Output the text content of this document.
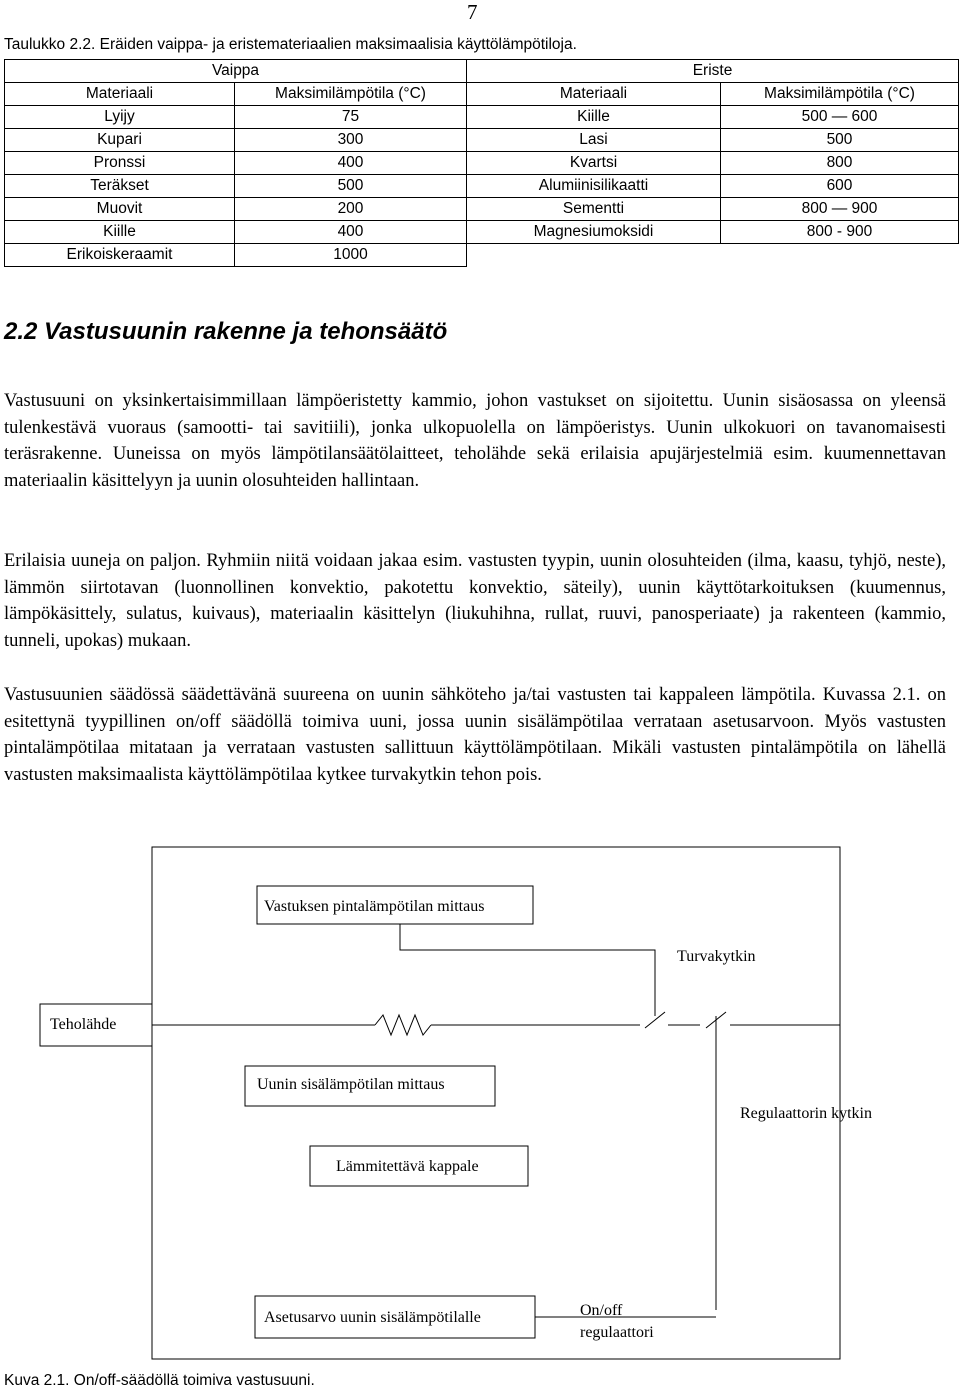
7
Taulukko 2.2. Eräiden vaippa- ja eristemateriaalien maksimaalisia käyttölämpötiloja.
Vaippa		Eriste	
Materiaali	Maksimilämpötila (°C)	Materiaali	Maksimilämpötila (°C)
Lyijy	75	Kiille	500 — 600
Kupari	300	Lasi	500
Pronssi	400	Kvartsi	800
Teräkset	500	Alumiinisilikaatti	600
Muovit	200	Sementti	800 — 900
Kiille	400	Magnesiumoksidi	800 - 900
Erikoiskeraamit	1000		
2.2 Vastusuunin rakenne ja tehonsäätö

Vastusuuni on yksinkertaisimmillaan lämpöeristetty kammio, johon vastukset on sijoitettu. Uunin sisäosassa on yleensä tulenkestävä vuoraus (samootti- tai savitiili), jonka ulkopuolella on lämpöeristys. Uunin ulkokuori on tavanomaisesti teräsrakenne. Uuneissa on myös lämpötilansäätölaitteet, teholähde sekä erilaisia apujärjestelmiä esim. kuumennettavan materiaalin käsittelyyn ja uunin olosuhteiden hallintaan.

Erilaisia uuneja on paljon. Ryhmiin niitä voidaan jakaa esim. vastusten tyypin, uunin olosuhteiden (ilma, kaasu, tyhjö, neste), lämmön siirtotavan (luonnollinen konvektio, pakotettu konvektio, säteily), uunin käyttötarkoituksen (kuumennus, lämpökäsittely, sulatus, kuivaus), materiaalin käsittelyn (liukuhihna, rullat, ruuvi, panosperiaate) ja rakenteen (kammio, tunneli, upokas) mukaan.

Vastusuunien säädössä säädettävänä suureena on uunin sähköteho ja/tai vastusten tai kappaleen lämpötila. Kuvassa 2.1. on esitettynä tyypillinen on/off säädöllä toimiva uuni, jossa uunin sisälämpötilaa verrataan asetusarvoon. Myös vastusten pintalämpötilaa mitataan ja verrataan vastusten sallittuun käyttölämpötilaan. Mikäli vastusten pintalämpötila on lähellä vastusten maksimaalista käyttölämpötilaa kytkee turvakytkin tehon pois.

Vastuksen pintalämpötilan mittaus
Turvakytkin
Teholähde
Uunin sisälämpötilan mittaus
Regulaattorin kytkin
Lämmitettävä kappale
Asetusarvo uunin sisälämpötilalle	On/off
regulaattori
Kuva 2.1. On/off-säädöllä toimiva vastusuuni.
